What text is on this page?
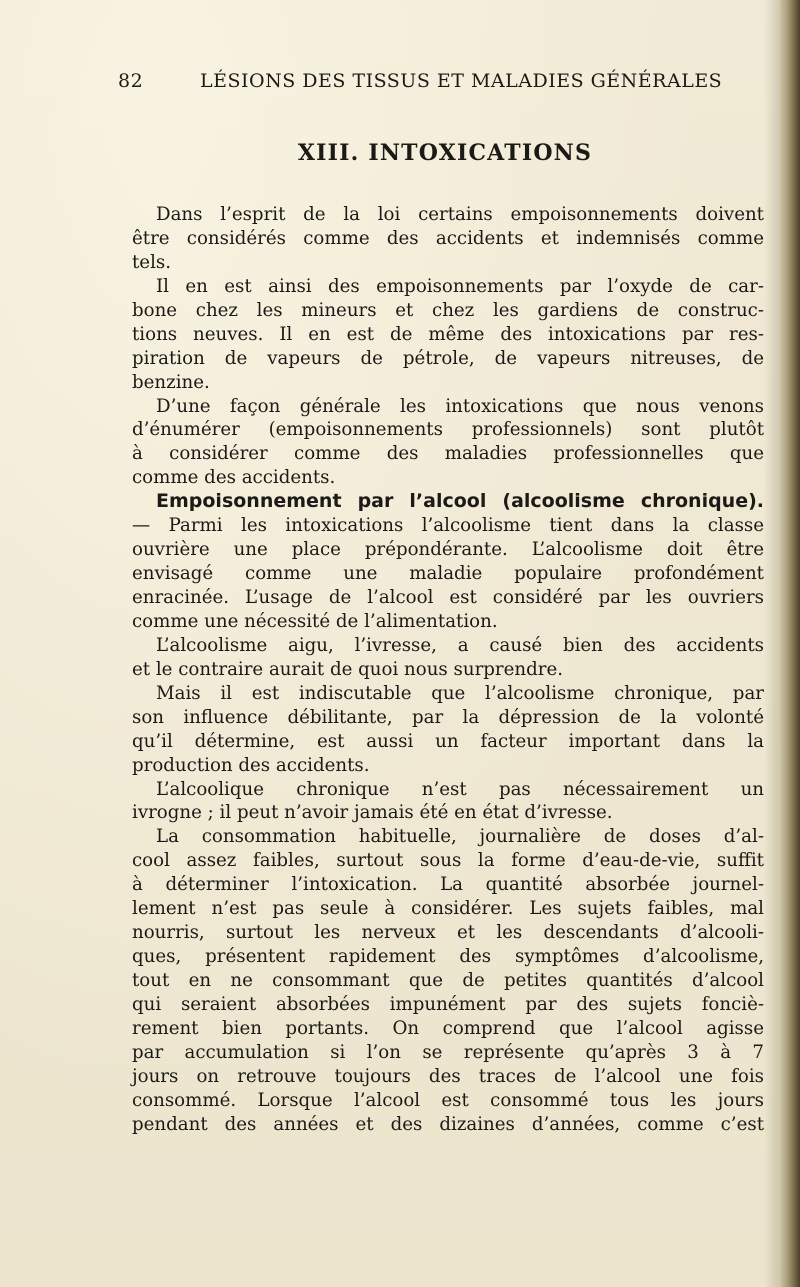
82	LÉSIONS DES TISSUS ET MALADIES GÉNÉRALES
XIII. INTOXICATIONS
Dans l’esprit de la loi certains empoisonnements doivent
être considérés comme des accidents et indemnisés comme
tels.
Il en est ainsi des empoisonnements par l’oxyde de car-
bone chez les mineurs et chez les gardiens de construc-
tions neuves. Il en est de même des intoxications par res-
piration de vapeurs de pétrole, de vapeurs nitreuses, de
benzine.
D’une façon générale les intoxications que nous venons
d’énumérer (empoisonnements professionnels) sont plutôt
à considérer comme des maladies professionnelles que
comme des accidents.
Empoisonnement par l’alcool (alcoolisme chronique).
— Parmi les intoxications l’alcoolisme tient dans la classe
ouvrière une place prépondérante. L’alcoolisme doit être
envisagé comme une maladie populaire profondément
enracinée. L’usage de l’alcool est considéré par les ouvriers
comme une nécessité de l’alimentation.
L’alcoolisme aigu, l’ivresse, a causé bien des accidents
et le contraire aurait de quoi nous surprendre.
Mais il est indiscutable que l’alcoolisme chronique, par
son influence débilitante, par la dépression de la volonté
qu’il détermine, est aussi un facteur important dans la
production des accidents.
L’alcoolique chronique n’est pas nécessairement un
ivrogne ; il peut n’avoir jamais été en état d’ivresse.
La consommation habituelle, journalière de doses d’al-
cool assez faibles, surtout sous la forme d’eau-de-vie, suffit
à déterminer l’intoxication. La quantité absorbée journel-
lement n’est pas seule à considérer. Les sujets faibles, mal
nourris, surtout les nerveux et les descendants d’alcooli-
ques, présentent rapidement des symptômes d’alcoolisme,
tout en ne consommant que de petites quantités d’alcool
qui seraient absorbées impunément par des sujets fonciè-
rement bien portants. On comprend que l’alcool agisse
par accumulation si l’on se représente qu’après 3 à 7
jours on retrouve toujours des traces de l’alcool une fois
consommé. Lorsque l’alcool est consommé tous les jours
pendant des années et des dizaines d’années, comme c’est
